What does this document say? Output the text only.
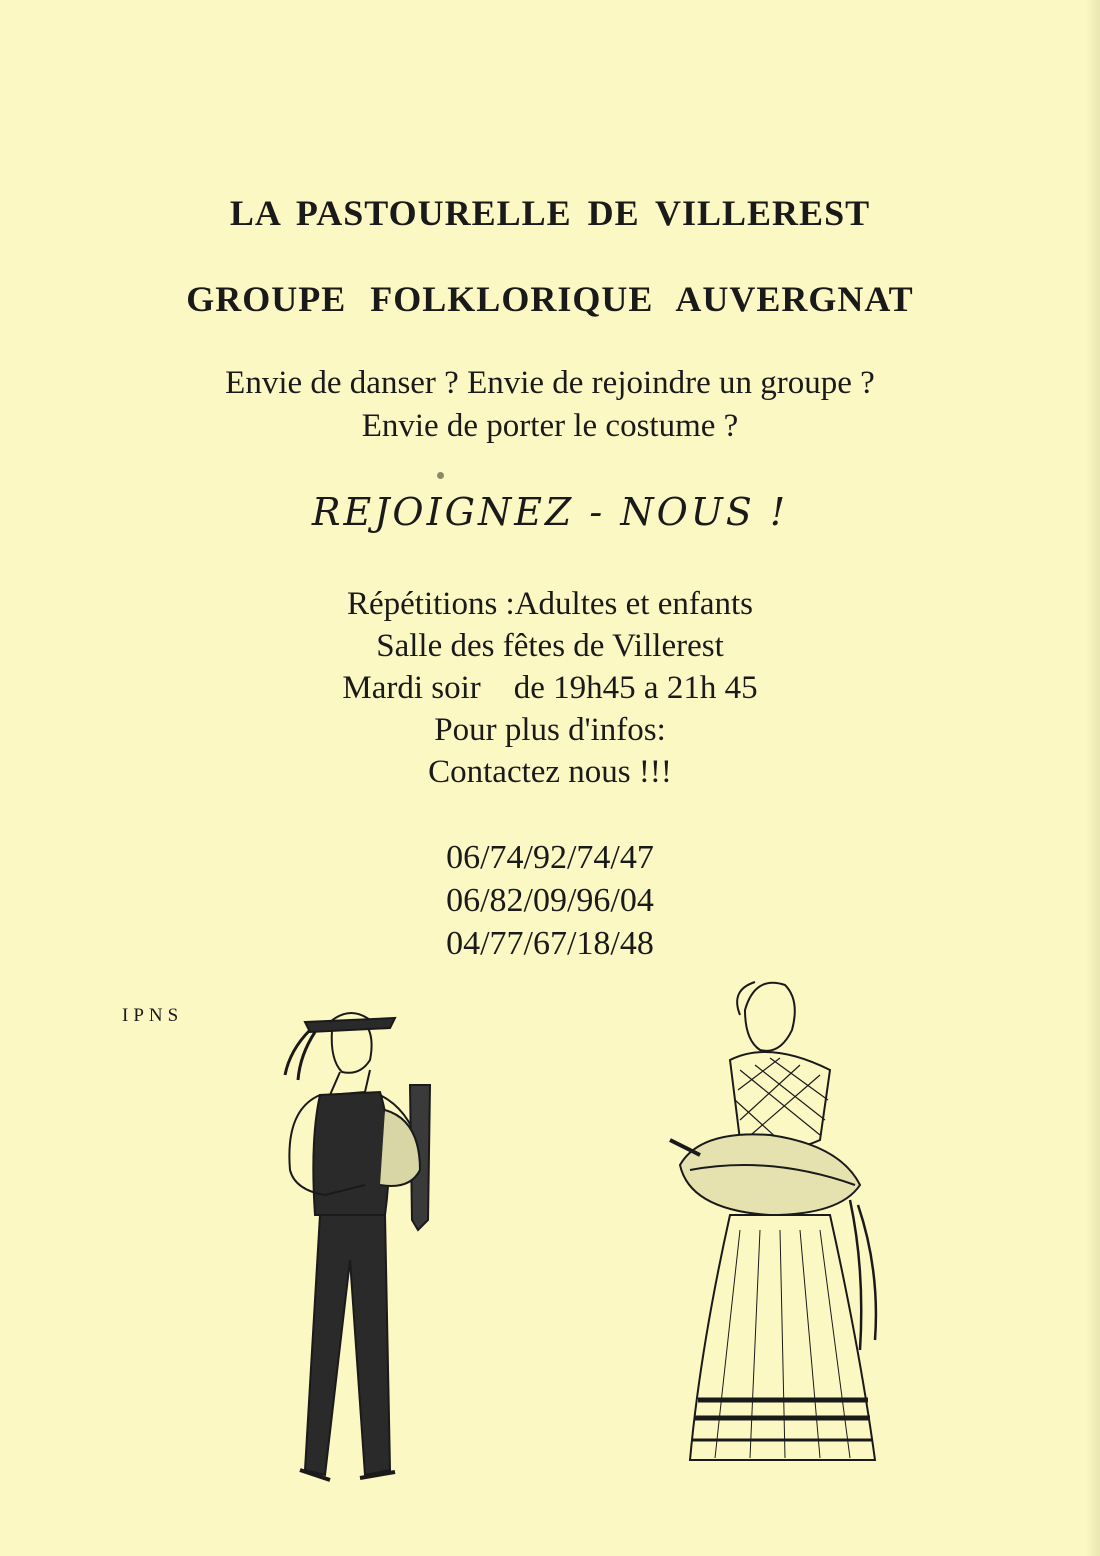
LA PASTOURELLE DE VILLEREST
GROUPE FOLKLORIQUE AUVERGNAT
Envie de danser ? Envie de rejoindre un groupe ?
Envie de porter le costume ?
REJOIGNEZ - NOUS !
Répétitions :Adultes et enfants
Salle des fêtes de Villerest
Mardi soir    de 19h45 a 21h 45
Pour plus d'infos:
Contactez nous !!!
06/74/92/74/47
06/82/09/96/04
04/77/67/18/48
IPNS
